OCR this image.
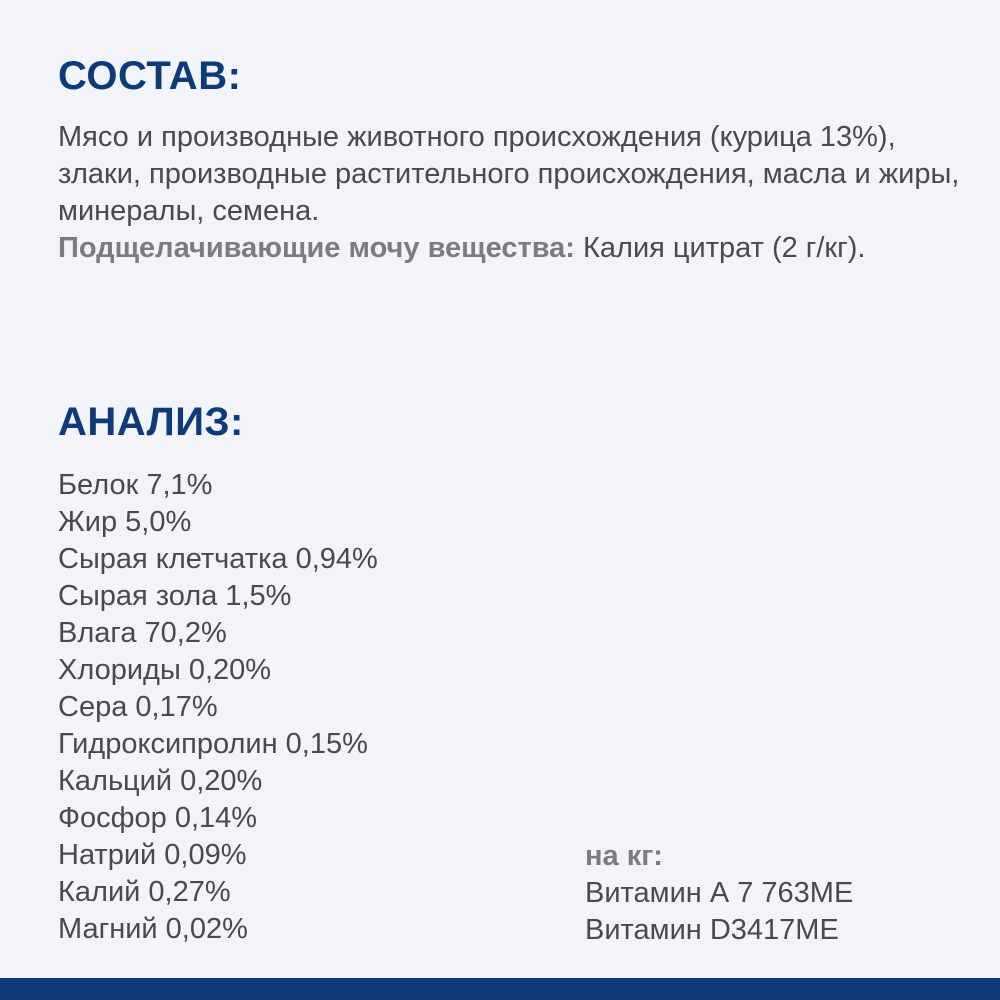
СОСТАВ:

Мясо и производные животного происхождения (курица 13%), злаки, производные растительного происхождения, масла и жиры, минералы, семена.
Подщелачивающие мочу вещества: Калия цитрат (2 г/кг).

АНАЛИЗ:
Белок 7,1%
Жир 5,0%
Сырая клетчатка 0,94%
Сырая зола 1,5%
Влага 70,2%
Хлориды 0,20%
Сера 0,17%
Гидроксипролин 0,15%
Кальций 0,20%
Фосфор 0,14%
Натрий 0,09%
Калий 0,27%
Магний 0,02%
на кг:
Витамин А 7 763МЕ
Витамин D3417МЕ
